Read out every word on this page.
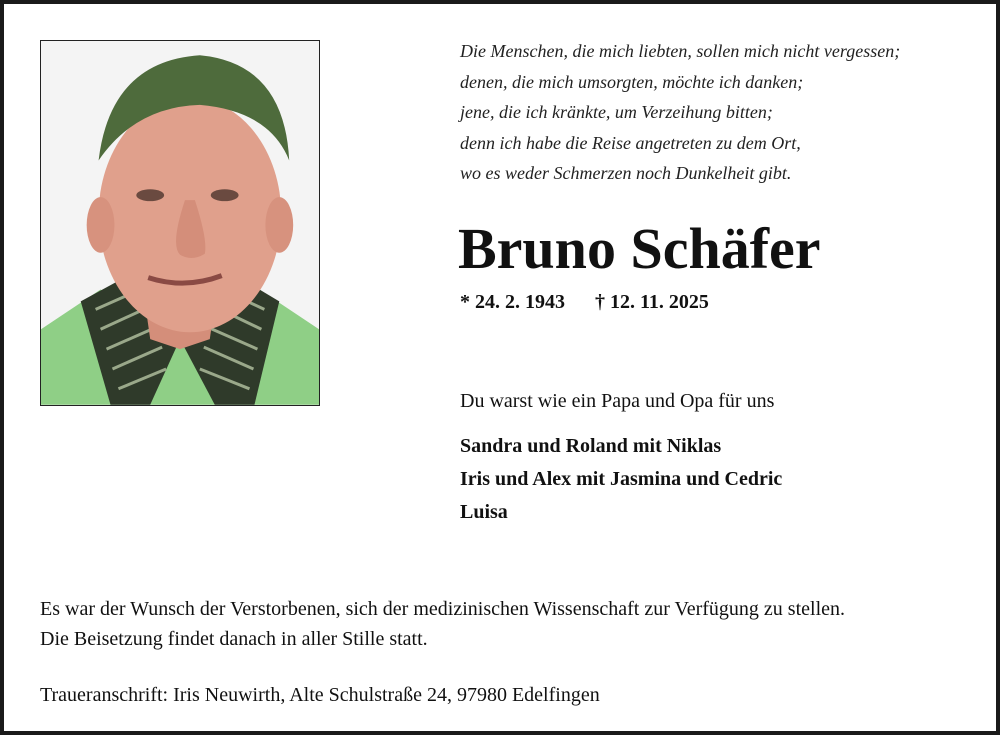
Die Menschen, die mich liebten, sollen mich nicht vergessen;
denen, die mich umsorgten, möchte ich danken;
jene, die ich kränkte, um Verzeihung bitten;
denn ich habe die Reise angetreten zu dem Ort,
wo es weder Schmerzen noch Dunkelheit gibt.
Bruno Schäfer
* 24. 2. 1943 † 12. 11. 2025
Du warst wie ein Papa und Opa für uns
Sandra und Roland mit Niklas
Iris und Alex mit Jasmina und Cedric
Luisa
Es war der Wunsch der Verstorbenen, sich der medizinischen Wissenschaft zur Verfügung zu stellen.
Die Beisetzung findet danach in aller Stille statt.
Traueranschrift: Iris Neuwirth, Alte Schulstraße 24, 97980 Edelfingen
